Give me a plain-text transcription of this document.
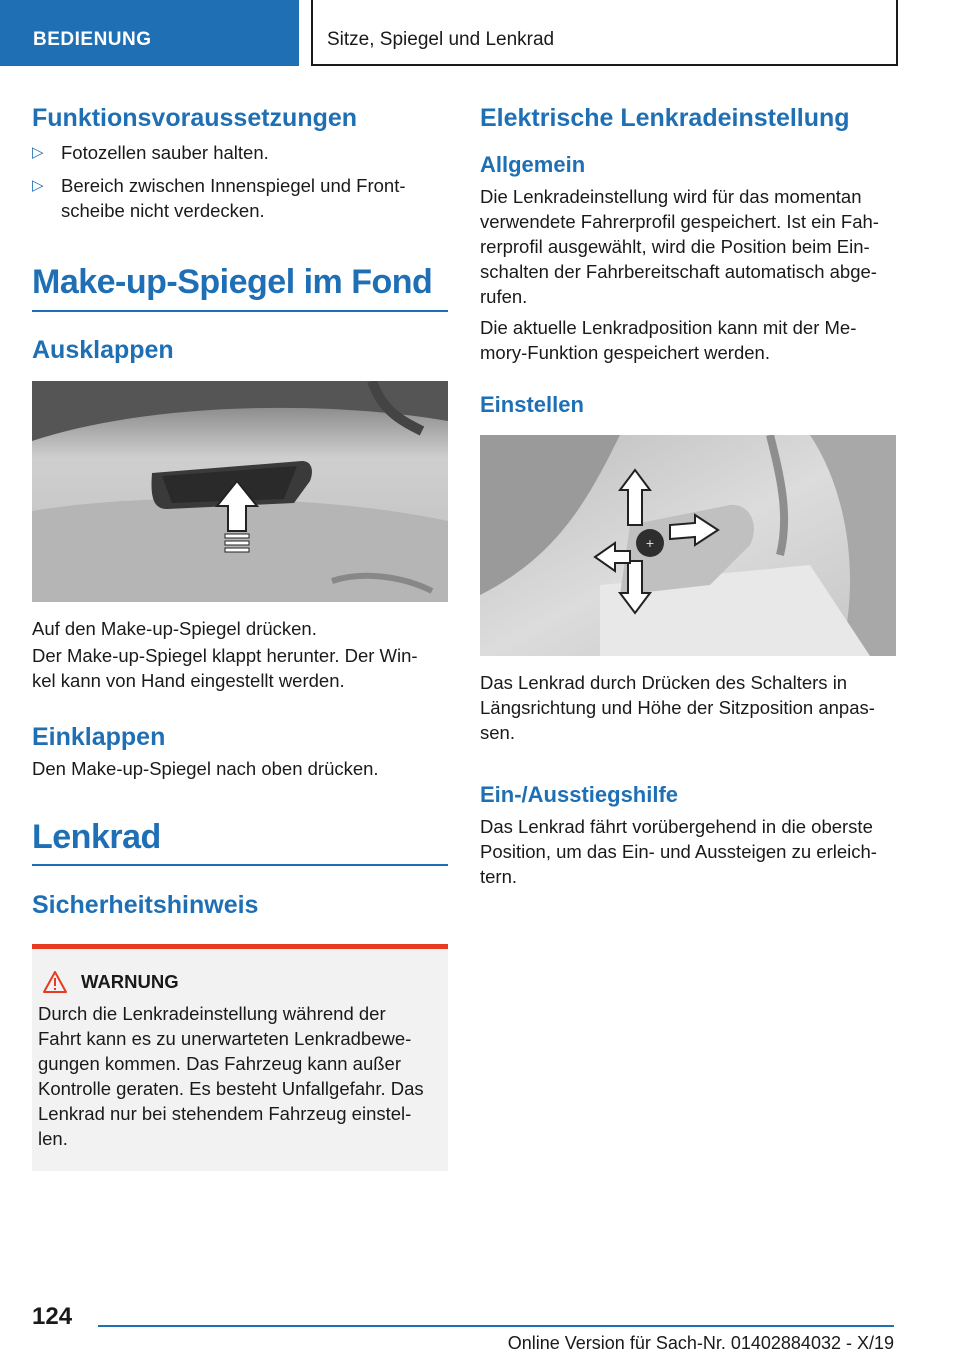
BEDIENUNG	Sitze, Spiegel und Lenkrad
Funktionsvoraussetzungen
▷ Fotozellen sauber halten.
▷ Bereich zwischen Innenspiegel und Front-
scheibe nicht verdecken.
Make-up-Spiegel im Fond
Ausklappen

Auf den Make-up-Spiegel drücken.

Der Make-up-Spiegel klappt herunter. Der Win-
kel kann von Hand eingestellt werden.

Einklappen

Den Make-up-Spiegel nach oben drücken.

Lenkrad
Sicherheitshinweis
WARNUNG

Durch die Lenkradeinstellung während der
Fahrt kann es zu unerwarteten Lenkradbewe-
gungen kommen. Das Fahrzeug kann außer
Kontrolle geraten. Es besteht Unfallgefahr. Das
Lenkrad nur bei stehendem Fahrzeug einstel-
len.

Elektrische Lenkradeinstellung
Allgemein

Die Lenkradeinstellung wird für das momentan
verwendete Fahrerprofil gespeichert. Ist ein Fah-
rerprofil ausgewählt, wird die Position beim Ein-
schalten der Fahrbereitschaft automatisch abge-
rufen.

Die aktuelle Lenkradposition kann mit der Me-
mory-Funktion gespeichert werden.

Einstellen
+

Das Lenkrad durch Drücken des Schalters in
Längsrichtung und Höhe der Sitzposition anpas-
sen.

Ein-/Ausstiegshilfe

Das Lenkrad fährt vorübergehend in die oberste
Position, um das Ein- und Aussteigen zu erleich-
tern.

124
Online Version für Sach-Nr. 01402884032 - X/19
